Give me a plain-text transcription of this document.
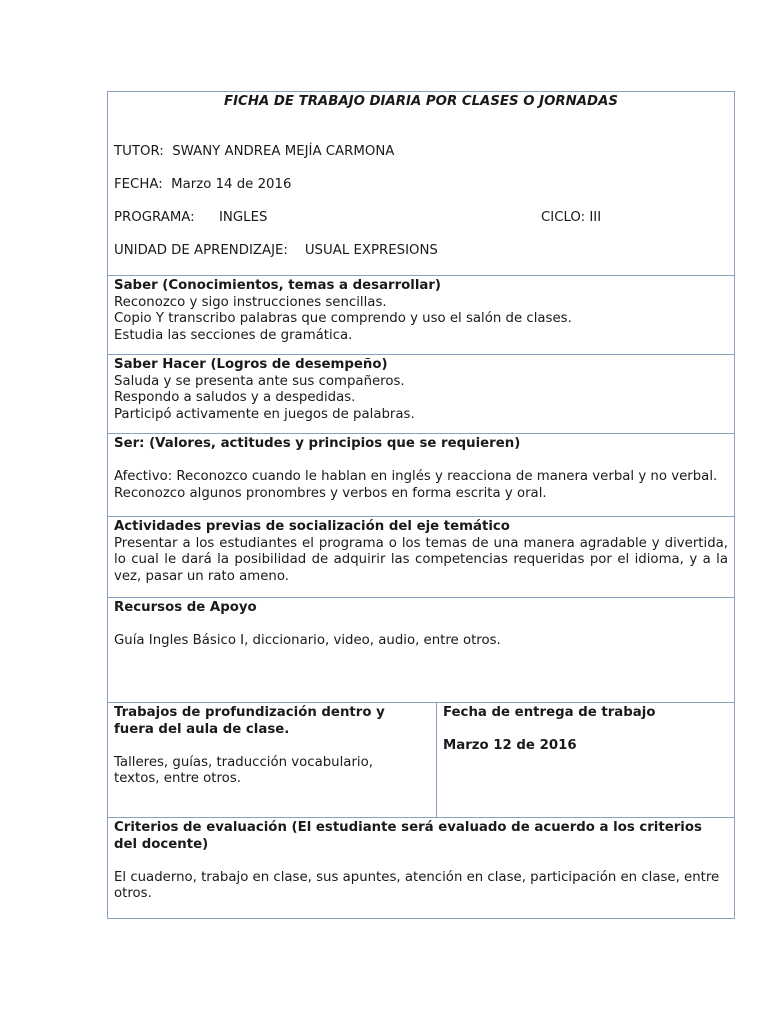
FICHA DE TRABAJO DIARIA POR CLASES O JORNADAS

TUTOR: SWANY ANDREA MEJÍA CARMONA
FECHA: Marzo 14 de 2016
PROGRAMA:	INGLES	CICLO: III
UNIDAD DE APRENDIZAJE: USUAL EXPRESIONS

Saber (Conocimientos, temas a desarrollar)
Reconozco y sigo instrucciones sencillas.
Copio Y transcribo palabras que comprendo y uso el salón de clases.
Estudia las secciones de gramática.

Saber Hacer (Logros de desempeño)
Saluda y se presenta ante sus compañeros.
Respondo a saludos y a despedidas.
Participó activamente en juegos de palabras.

Ser: (Valores, actitudes y principios que se requieren)
Afectivo: Reconozco cuando le hablan en inglés y reacciona de manera verbal y no verbal.
Reconozco algunos pronombres y verbos en forma escrita y oral.

Actividades previas de socialización del eje temático
Presentar a los estudiantes el programa o los temas de una manera agradable y divertida, lo cual le dará la posibilidad de adquirir las competencias requeridas por el idioma, y a la vez, pasar un rato ameno.

Recursos de Apoyo
Guía Ingles Básico I, diccionario, video, audio, entre otros.

Trabajos de profundización dentro y fuera del aula de clase.
Talleres, guías, traducción vocabulario, textos, entre otros.

Fecha de entrega de trabajo
Marzo 12 de 2016

Criterios de evaluación (El estudiante será evaluado de acuerdo a los criterios del docente)
El cuaderno, trabajo en clase, sus apuntes, atención en clase, participación en clase, entre otros.
